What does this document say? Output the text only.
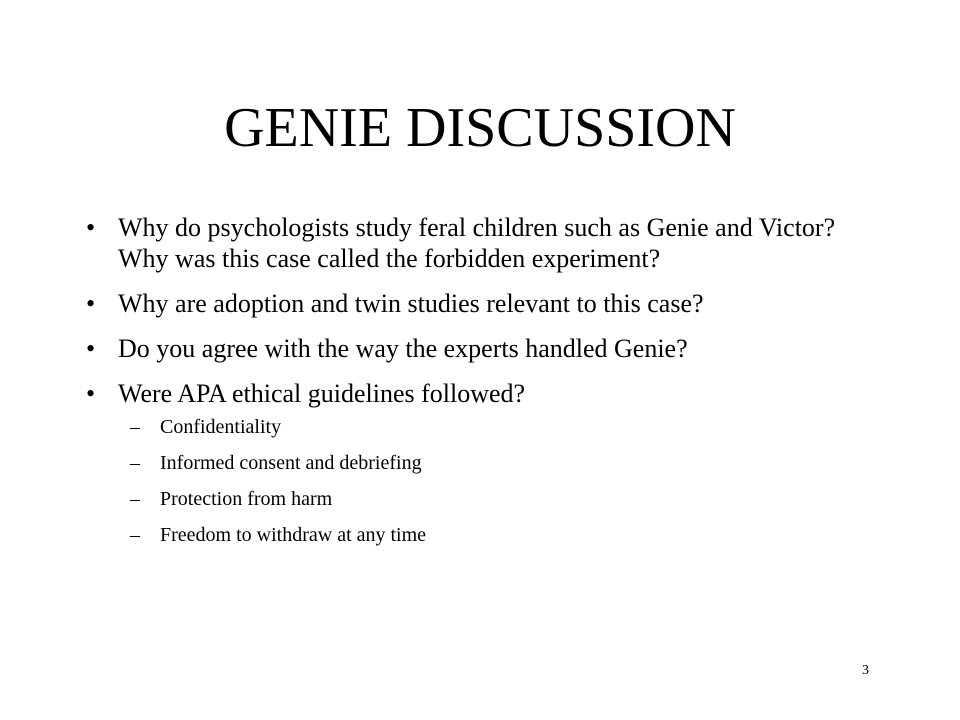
GENIE DISCUSSION
• Why do psychologists study feral children such as Genie and Victor? Why was this case called the forbidden experiment?
• Why are adoption and twin studies relevant to this case?
• Do you agree with the way the experts handled Genie?
• Were APA ethical guidelines followed?
– Confidentiality
– Informed consent and debriefing
– Protection from harm
– Freedom to withdraw at any time
3
